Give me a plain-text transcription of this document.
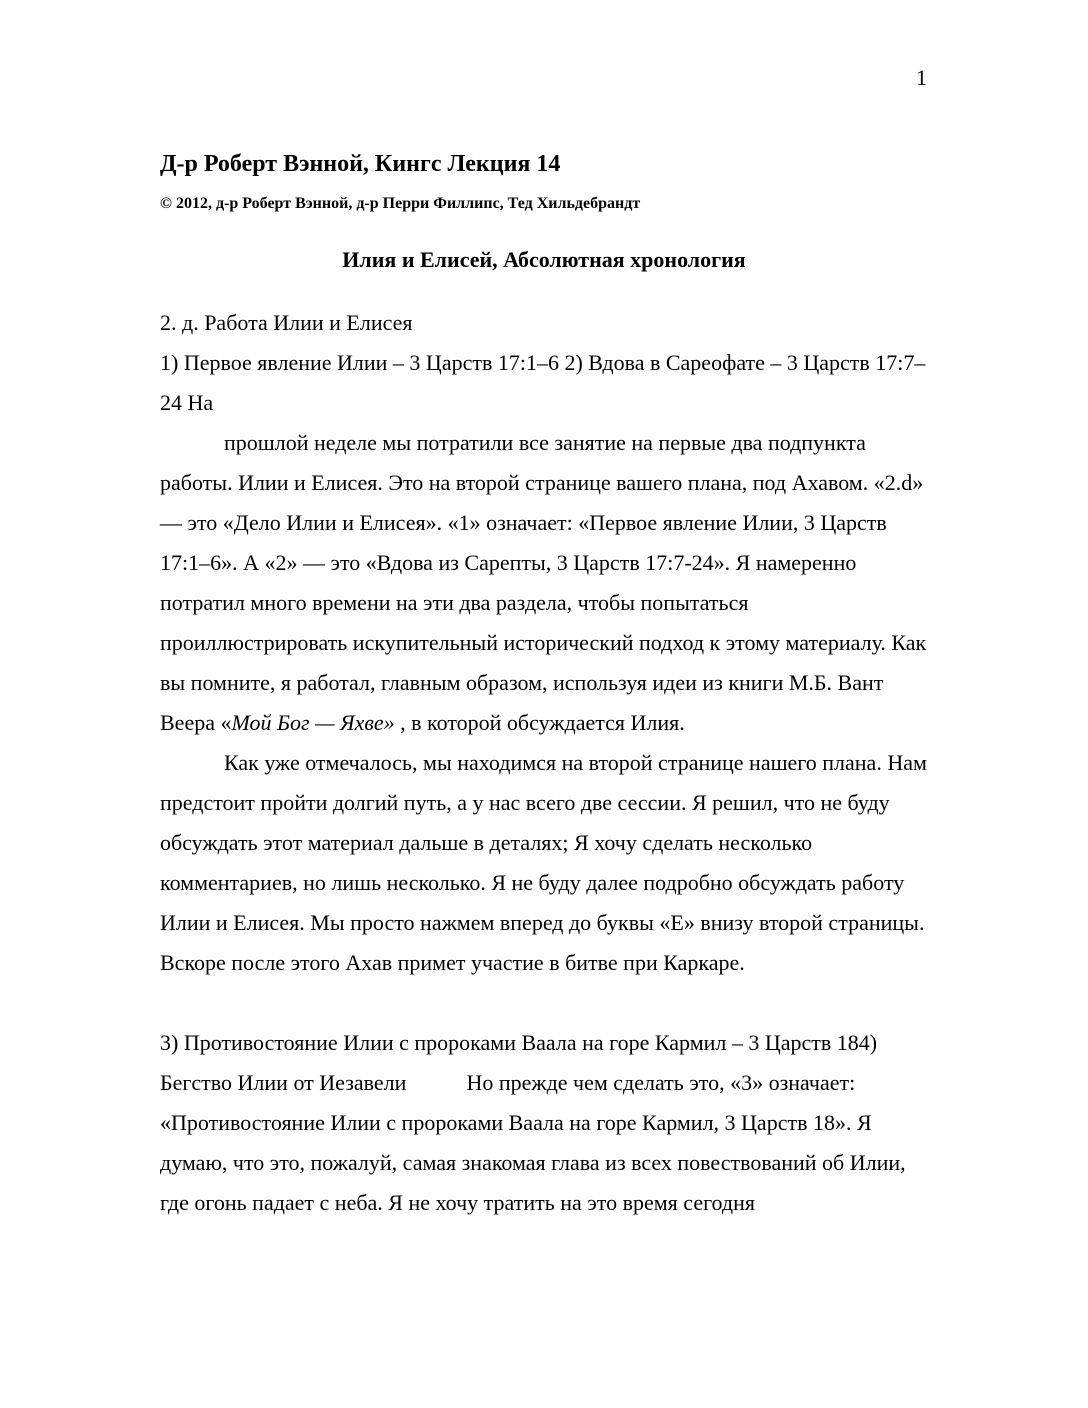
1
Д-р Роберт Вэнной, Кингс Лекция 14
© 2012, д-р Роберт Вэнной, д-р Перри Филлипс, Тед Хильдебрандт
Илия и Елисей, Абсолютная хронология

2. д. Работа Илии и Елисея

1) Первое явление Илии – 3 Царств 17:1–6 2) Вдова в Сареофате – 3 Царств 17:7–24 На

прошлой неделе мы потратили все занятие на первые два подпункта работы. Илии и Елисея. Это на второй странице вашего плана, под Ахавом. «2.d» — это «Дело Илии и Елисея». «1» означает: «Первое явление Илии, 3 Царств 17:1–6». А «2» — это «Вдова из Сарепты, 3 Царств 17:7-24». Я намеренно потратил много времени на эти два раздела, чтобы попытаться проиллюстрировать искупительный исторический подход к этому материалу. Как вы помните, я работал, главным образом, используя идеи из книги М.Б. Вант Веера «Мой Бог — Яхве» , в которой обсуждается Илия.

Как уже отмечалось, мы находимся на второй странице нашего плана. Нам предстоит пройти долгий путь, а у нас всего две сессии. Я решил, что не буду обсуждать этот материал дальше в деталях; Я хочу сделать несколько комментариев, но лишь несколько. Я не буду далее подробно обсуждать работу Илии и Елисея. Мы просто нажмем вперед до буквы «Е» внизу второй страницы. Вскоре после этого Ахав примет участие в битве при Каркаре.

3) Противостояние Илии с пророками Ваала на горе Кармил – 3 Царств 184) Бегство Илии от Иезавели	Но прежде чем сделать это, «3» означает: «Противостояние Илии с пророками Ваала на горе Кармил, 3 Царств 18». Я думаю, что это, пожалуй, самая знакомая глава из всех повествований об Илии, где огонь падает с неба. Я не хочу тратить на это время сегодня
